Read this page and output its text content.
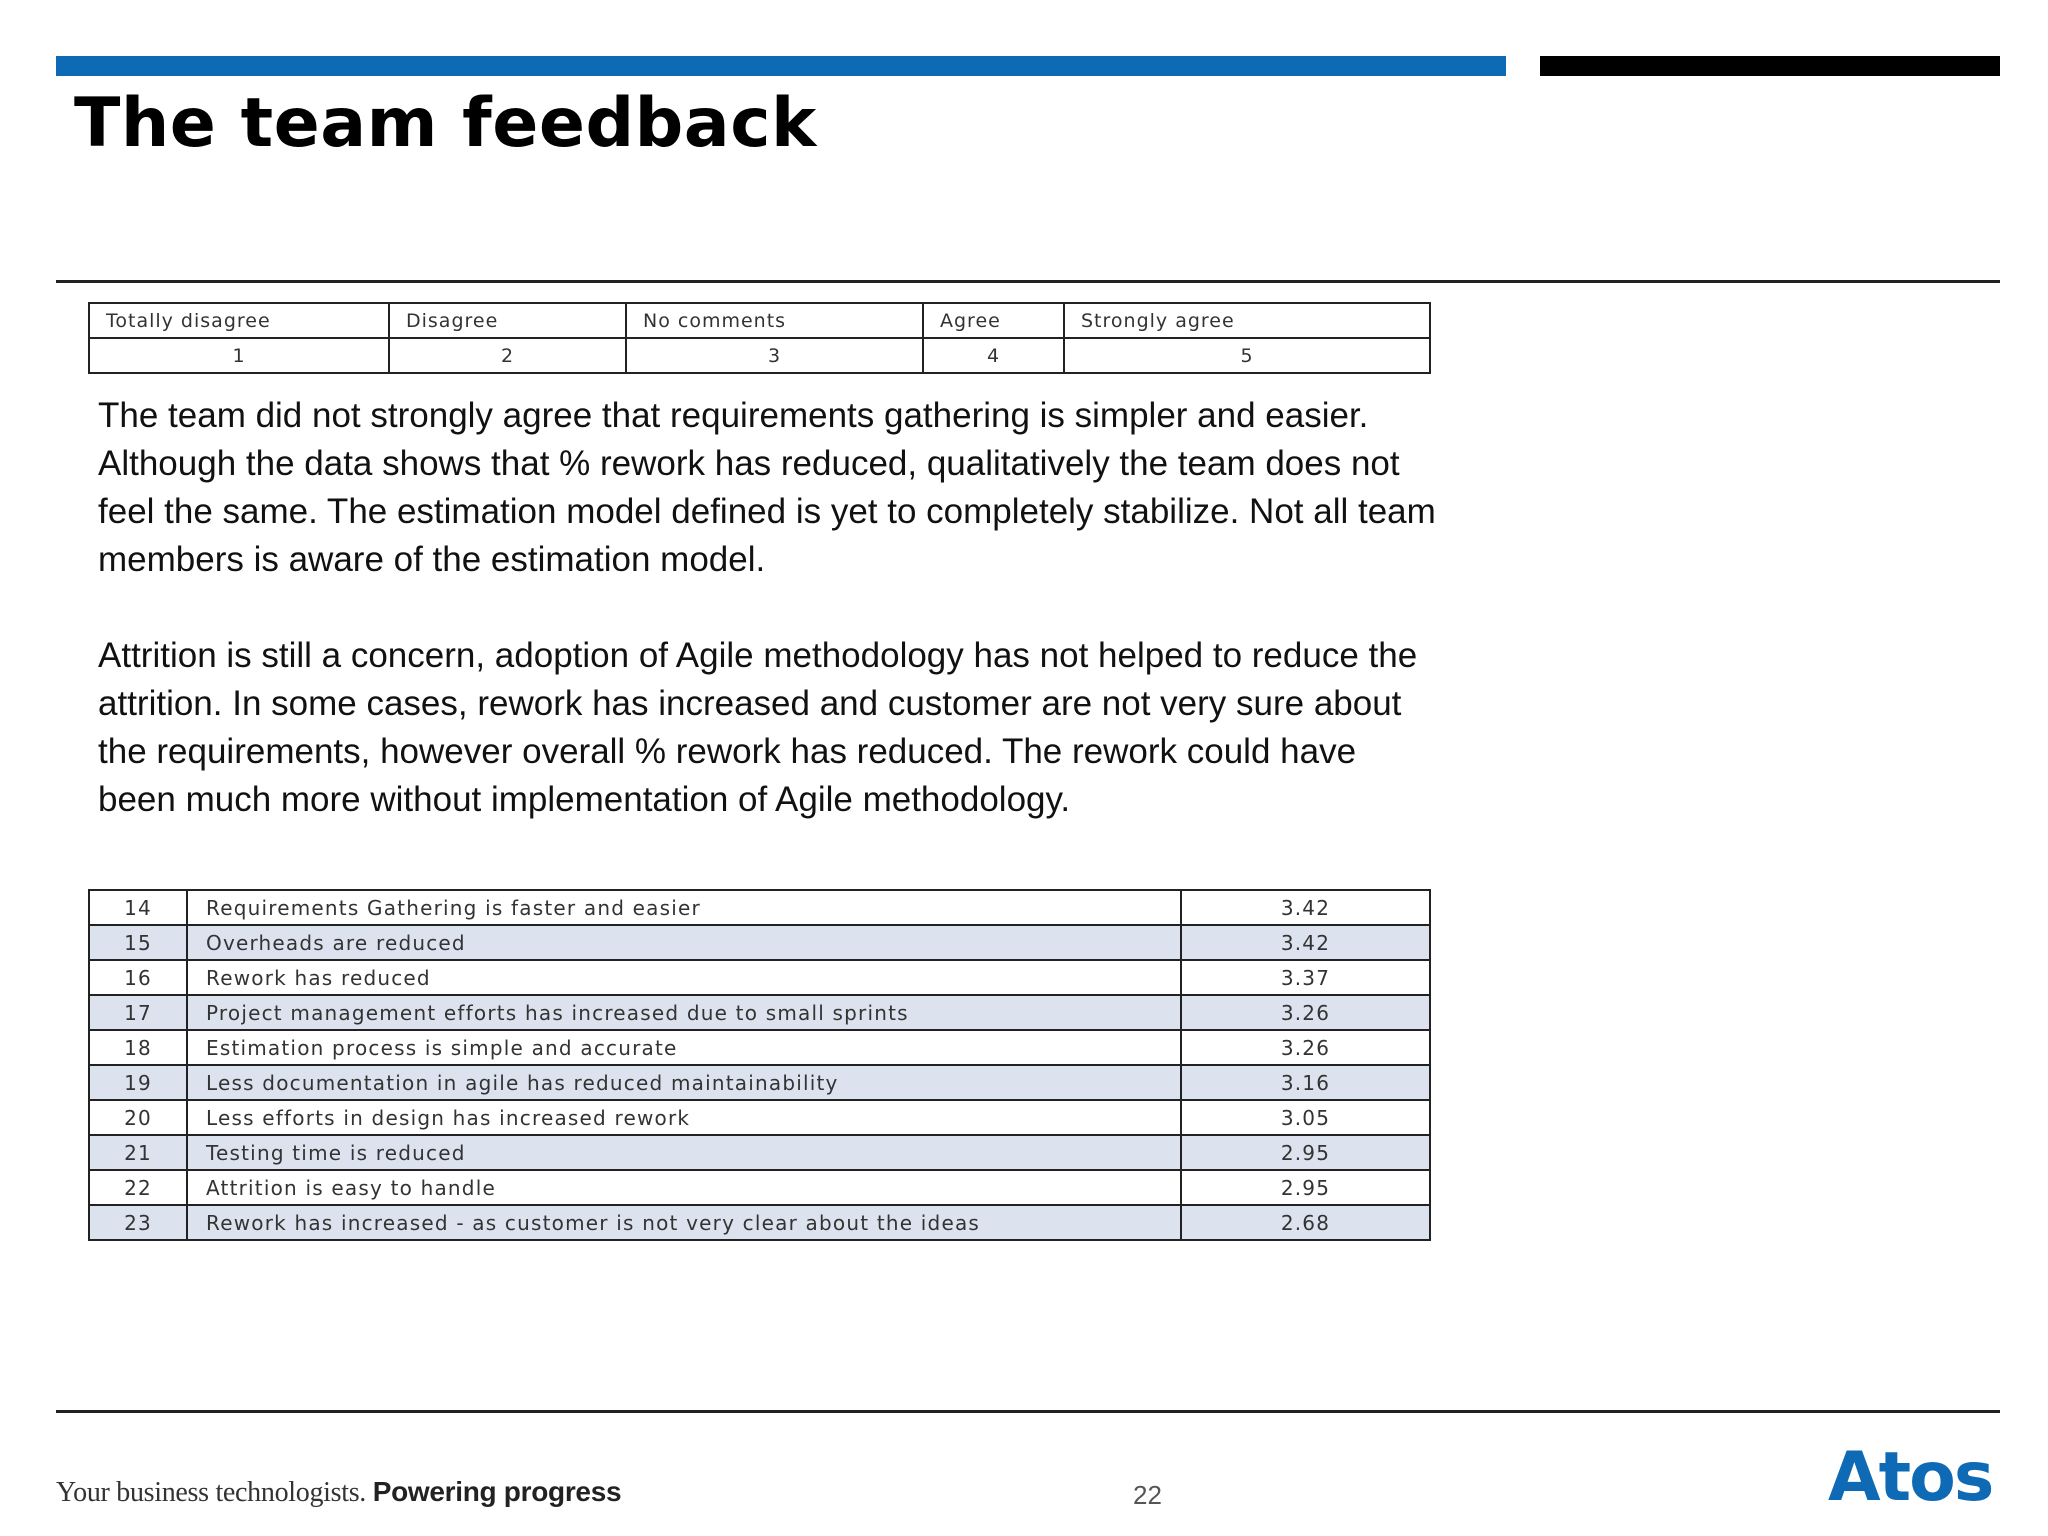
The team feedback
Totally disagree	Disagree	No comments	Agree	Strongly agree
1	2	3	4	5

The team did not strongly agree that requirements gathering is simpler and easier. Although the data shows that % rework has reduced, qualitatively the team does not feel the same. The estimation model defined is yet to completely stabilize. Not all team members is aware of the estimation model.

Attrition is still a concern, adoption of Agile methodology has not helped to reduce the attrition. In some cases, rework has increased and customer are not very sure about the requirements, however overall % rework has reduced. The rework could have been much more without implementation of Agile methodology.

14	Requirements Gathering is faster and easier	3.42
15	Overheads are reduced	3.42
16	Rework has reduced	3.37
17	Project management efforts has increased due to small sprints	3.26
18	Estimation process is simple and accurate	3.26
19	Less documentation in agile has reduced maintainability	3.16
20	Less efforts in design has increased rework	3.05
21	Testing time is reduced	2.95
22	Attrition is easy to handle	2.95
23	Rework has increased - as customer is not very clear about the ideas	2.68
Your business technologists. Powering progress	22	Atos
